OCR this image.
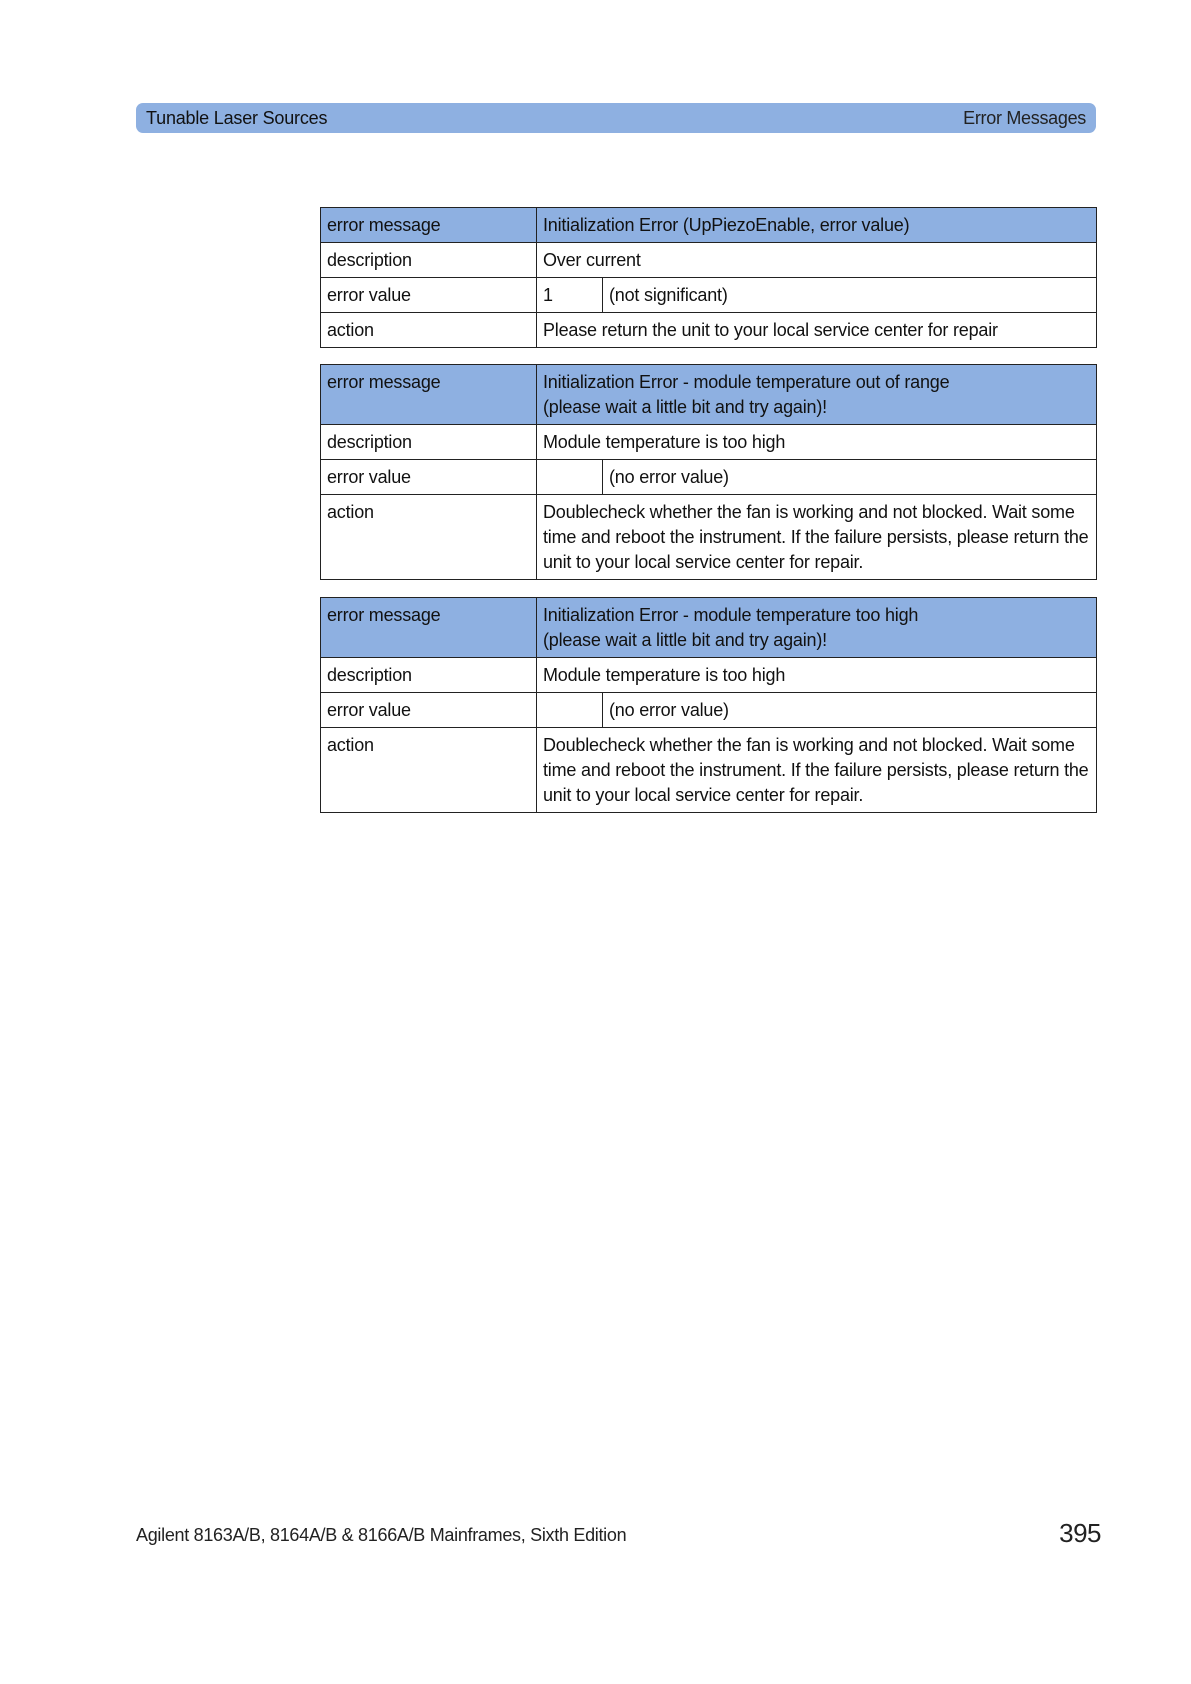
Tunable Laser Sources	Error Messages
error message	Initialization Error (UpPiezoEnable, error value)	

description	Over current	
error value	1	(not significant)
action	Please return the unit to your local service center for repair	
error message	Initialization Error - module temperature out of range
(please wait a little bit and try again)!	

description	Module temperature is too high	
error value		(no error value)
action	Doublecheck whether the fan is working and not blocked. Wait some
time and reboot the instrument. If the failure persists, please return the
unit to your local service center for repair.	
error message	Initialization Error - module temperature too high
(please wait a little bit and try again)!	

description	Module temperature is too high	
error value		(no error value)
action	Doublecheck whether the fan is working and not blocked. Wait some
time and reboot the instrument. If the failure persists, please return the
unit to your local service center for repair.	
Agilent 8163A/B, 8164A/B & 8166A/B Mainframes, Sixth Edition	395
